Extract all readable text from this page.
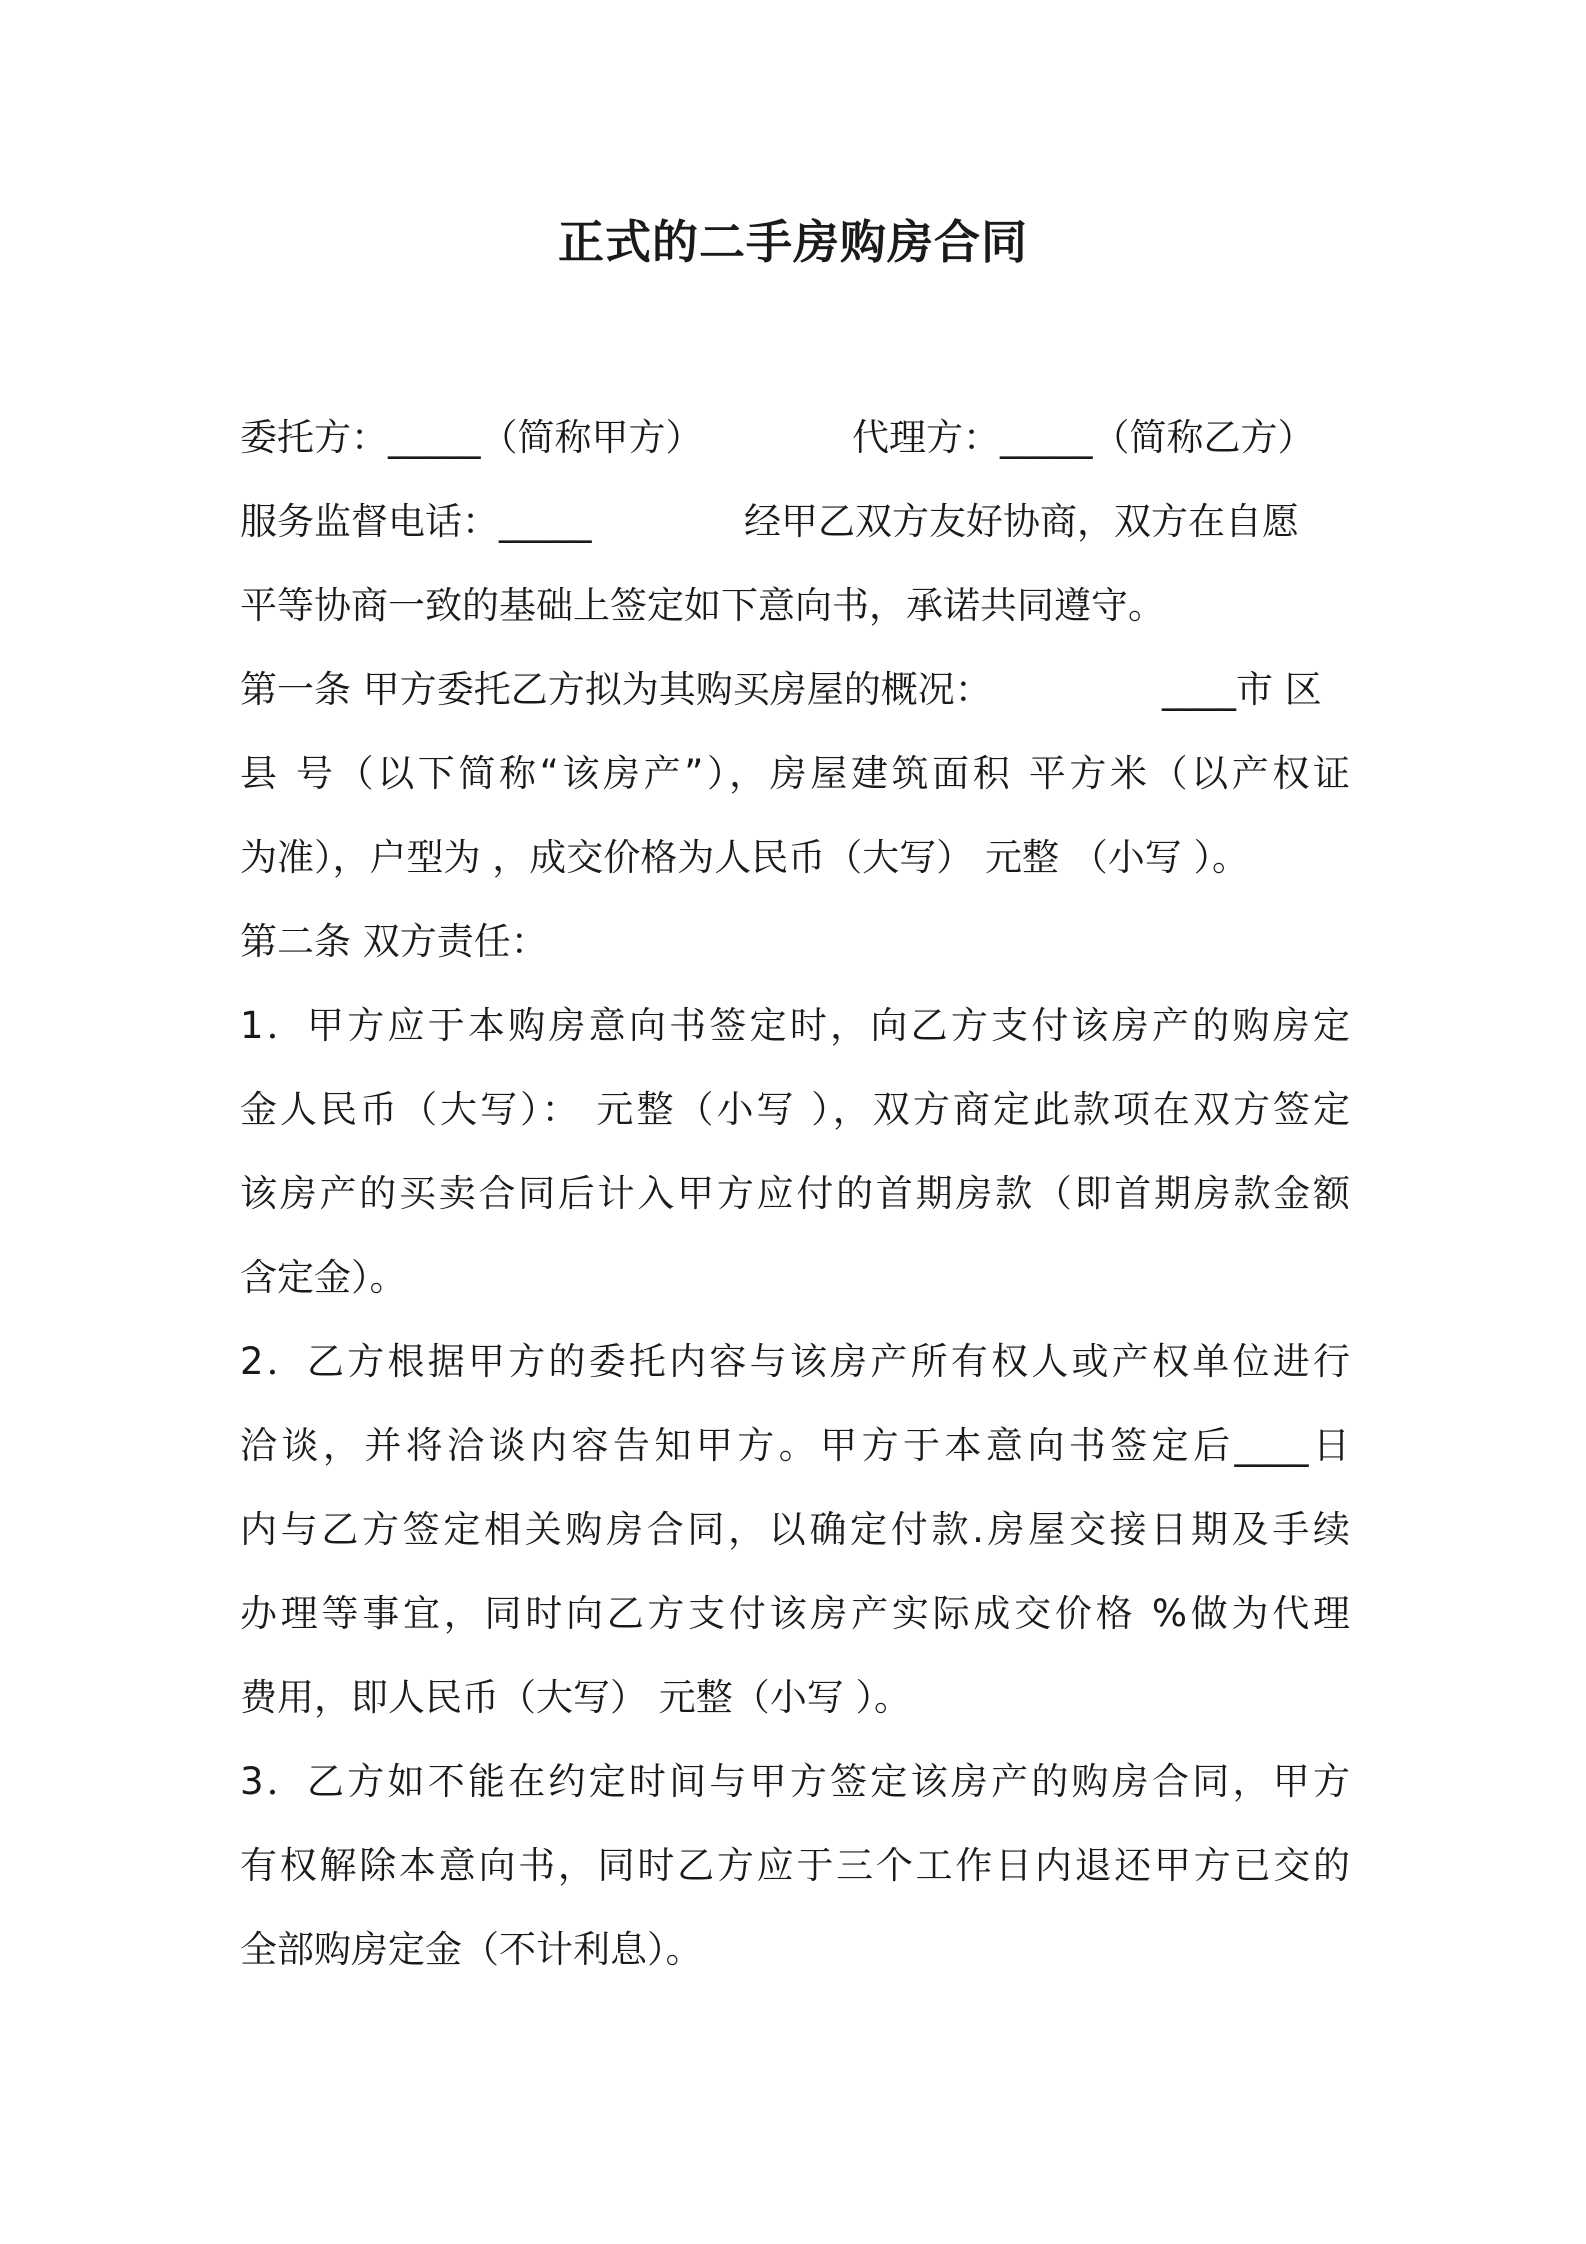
正式的二手房购房合同
委托方：_____（简称甲方）	代理方：_____（简称乙方）
服务监督电话：_____	经甲乙双方友好协商，双方在自愿
平等协商一致的基础上签定如下意向书，承诺共同遵守。
第一条 甲方委托乙方拟为其购买房屋的概况：	____市 区
县 号（以下简称“该房产”），房屋建筑面积 平方米（以产权证
为准），户型为 ，成交价格为人民币（大写） 元整 （小写 ）。
第二条 双方责任：
1．甲方应于本购房意向书签定时，向乙方支付该房产的购房定
金人民币（大写）： 元整（小写 ），双方商定此款项在双方签定
该房产的买卖合同后计入甲方应付的首期房款（即首期房款金额
含定金）。
2．乙方根据甲方的委托内容与该房产所有权人或产权单位进行
洽谈，并将洽谈内容告知甲方。甲方于本意向书签定后____日
内与乙方签定相关购房合同，以确定付款.房屋交接日期及手续
办理等事宜，同时向乙方支付该房产实际成交价格 %做为代理
费用，即人民币（大写） 元整（小写 ）。
3．乙方如不能在约定时间与甲方签定该房产的购房合同，甲方
有权解除本意向书，同时乙方应于三个工作日内退还甲方已交的
全部购房定金（不计利息）。
